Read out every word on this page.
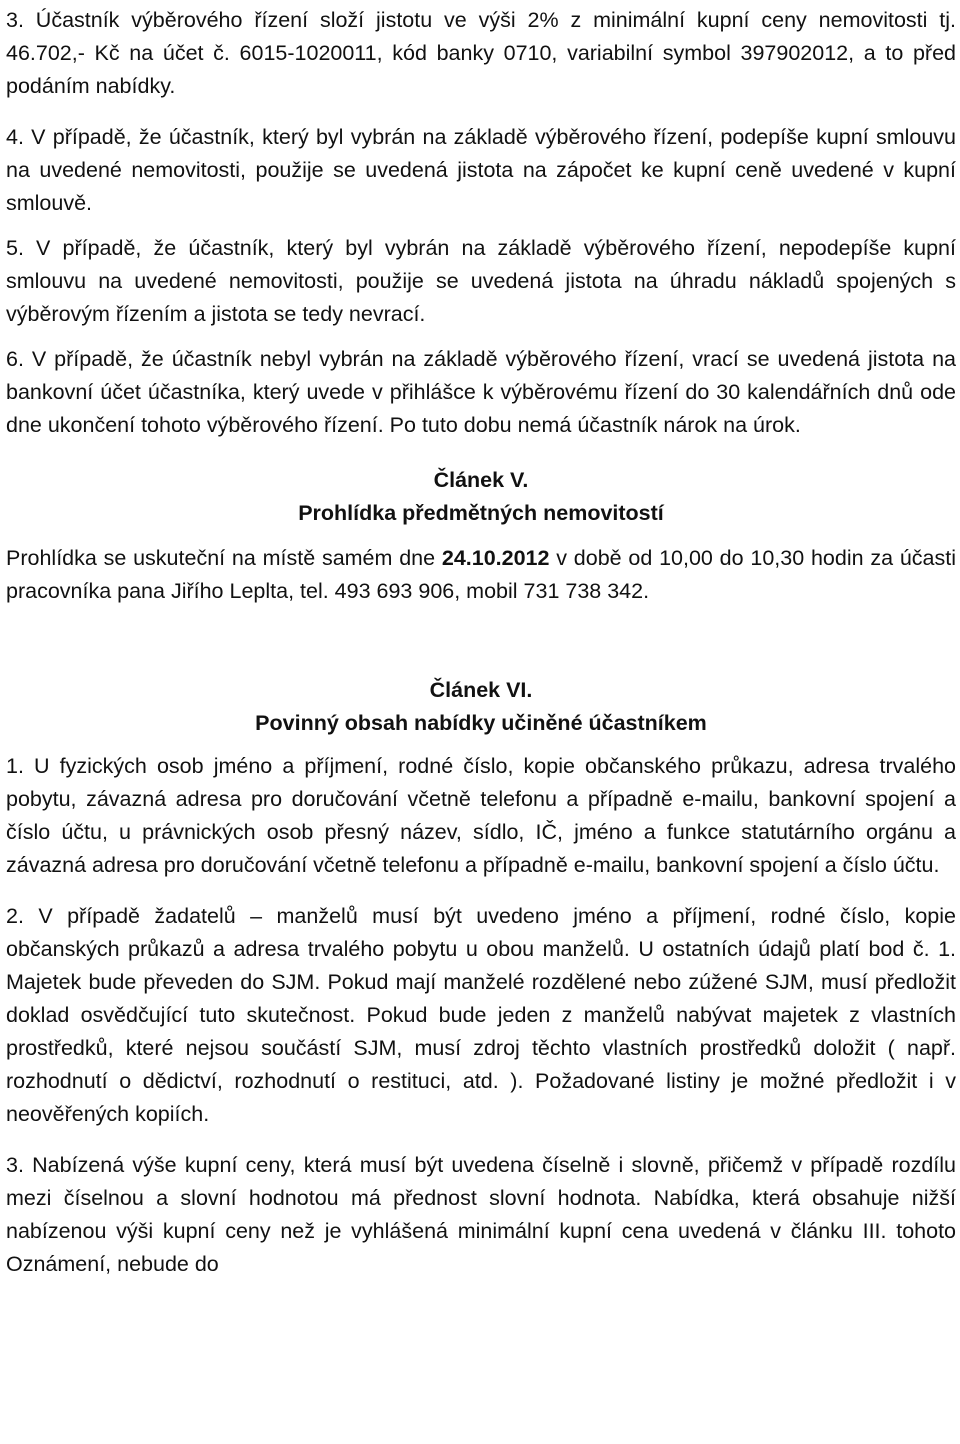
3. Účastník výběrového řízení složí jistotu ve výši 2% z minimální kupní ceny nemovitosti tj. 46.702,- Kč na účet č. 6015-1020011, kód banky 0710, variabilní symbol 397902012, a to před podáním nabídky.

4. V případě, že účastník, který byl vybrán na základě výběrového řízení, podepíše kupní smlouvu na uvedené nemovitosti, použije se uvedená jistota na zápočet ke kupní ceně uvedené v kupní smlouvě.

5. V případě, že účastník, který byl vybrán na základě výběrového řízení, nepodepíše kupní smlouvu na uvedené nemovitosti, použije se uvedená jistota na úhradu nákladů spojených s výběrovým řízením a jistota se tedy nevrací.

6. V případě, že účastník nebyl vybrán na základě výběrového řízení, vrací se uvedená jistota na bankovní účet účastníka, který uvede v přihlášce k výběrovému řízení do 30 kalendářních dnů ode dne ukončení tohoto výběrového řízení. Po tuto dobu nemá účastník nárok na úrok.

Článek V.

Prohlídka předmětných nemovitostí

Prohlídka se uskuteční na místě samém dne 24.10.2012 v době od 10,00 do 10,30 hodin za účasti pracovníka pana Jiřího Leplta, tel. 493 693 906, mobil 731 738 342.

Článek VI.

Povinný obsah nabídky učiněné účastníkem

1. U fyzických osob jméno a příjmení, rodné číslo, kopie občanského průkazu, adresa trvalého pobytu, závazná adresa pro doručování včetně telefonu a případně e-mailu, bankovní spojení a číslo účtu, u právnických osob přesný název, sídlo, IČ, jméno a funkce statutárního orgánu a závazná adresa pro doručování včetně telefonu a případně e-mailu, bankovní spojení a číslo účtu.

2. V případě žadatelů – manželů musí být uvedeno jméno a příjmení, rodné číslo, kopie občanských průkazů a adresa trvalého pobytu u obou manželů. U ostatních údajů platí bod č. 1. Majetek bude převeden do SJM. Pokud mají manželé rozdělené nebo zúžené SJM, musí předložit doklad osvědčující tuto skutečnost. Pokud bude jeden z manželů nabývat majetek z vlastních prostředků, které nejsou součástí SJM, musí zdroj těchto vlastních prostředků doložit ( např. rozhodnutí o dědictví, rozhodnutí o restituci, atd. ). Požadované listiny je možné předložit i v neověřených kopiích.

3. Nabízená výše kupní ceny, která musí být uvedena číselně i slovně, přičemž v případě rozdílu mezi číselnou a slovní hodnotou má přednost slovní hodnota. Nabídka, která obsahuje nižší nabízenou výši kupní ceny než je vyhlášená minimální kupní cena uvedená v článku III. tohoto Oznámení, nebude do
